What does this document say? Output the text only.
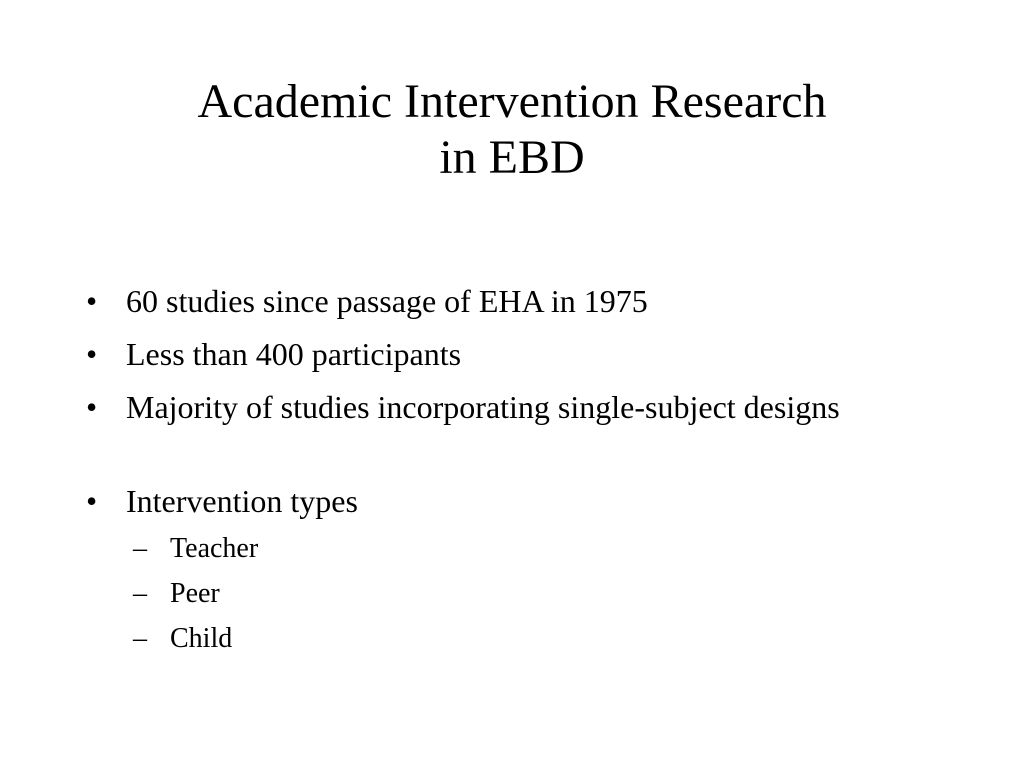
Academic Intervention Research
in EBD
• 60 studies since passage of EHA in 1975
• Less than 400 participants
• Majority of studies incorporating single-subject designs
• Intervention types
– Teacher
– Peer
– Child
